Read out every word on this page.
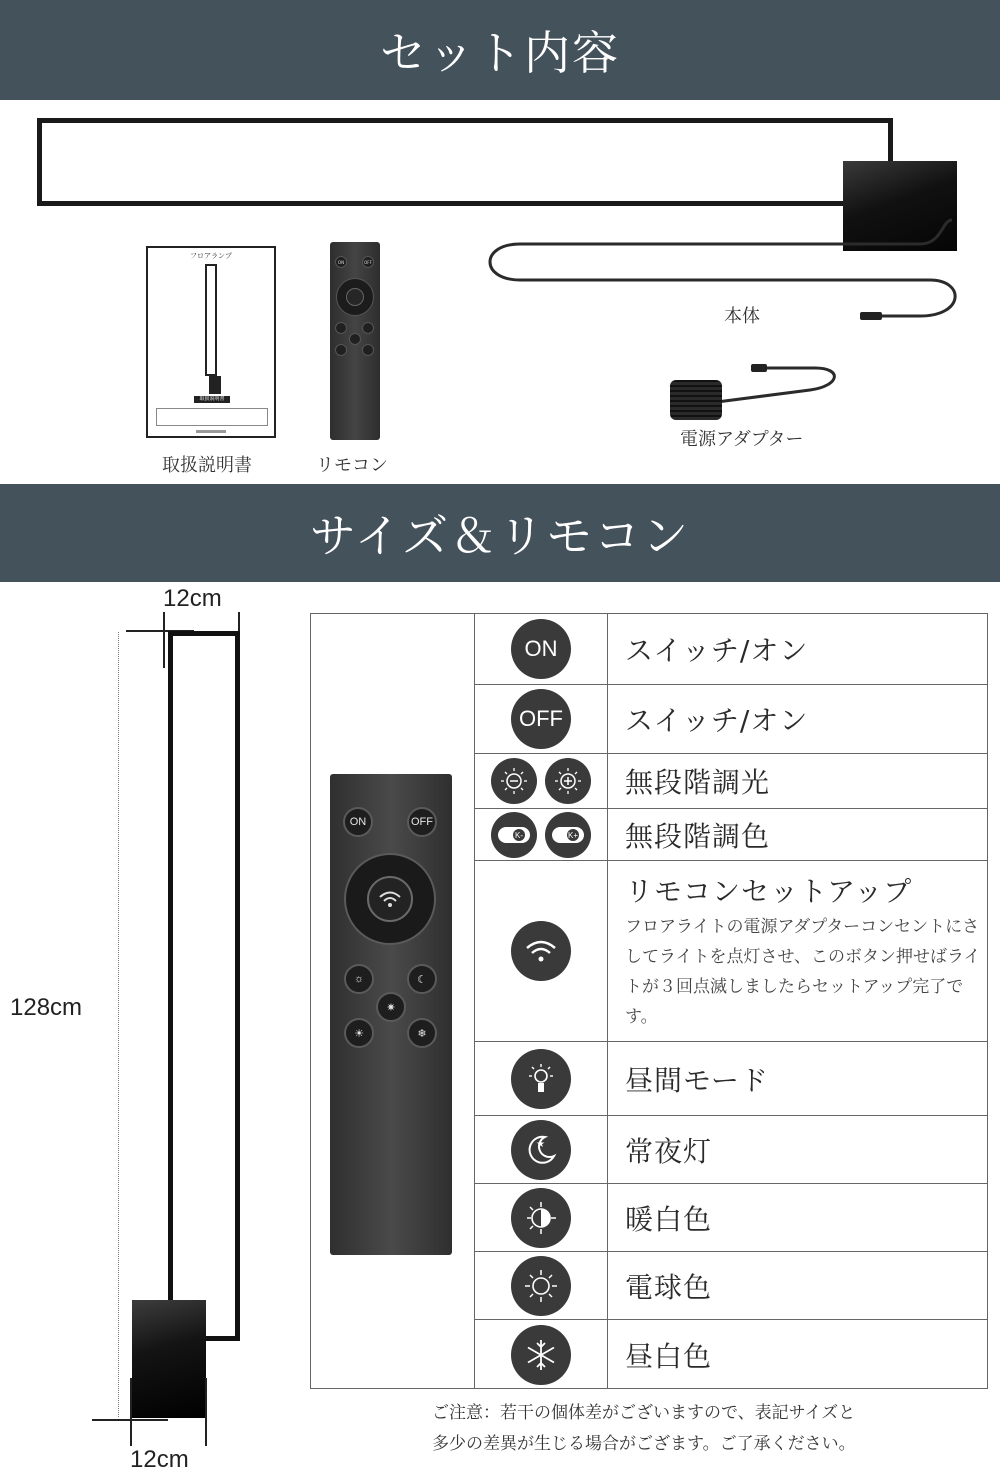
セット内容
本体
フロアランプ
取扱説明書
取扱説明書
ON	OFF
リモコン
電源アダプター
サイズ＆リモコン
12cm
128cm
12cm
ON	OFF
☼	☾
✷
☀	❄
ON	スイッチ/オン
OFF スイッチ/オン
無段階調光
K-	K+ 無段階調色
リモコンセットアップ
フロアライトの電源アダプターコンセントにさしてライトを点灯させ、このボタン押せばライトが３回点滅しましたらセットアップ完了です。
昼間モード
★	常夜灯
暖白色
電球色
昼白色
ご注意：若干の個体差がございますので、表記サイズと
多少の差異が生じる場合がござます。ご了承ください。
